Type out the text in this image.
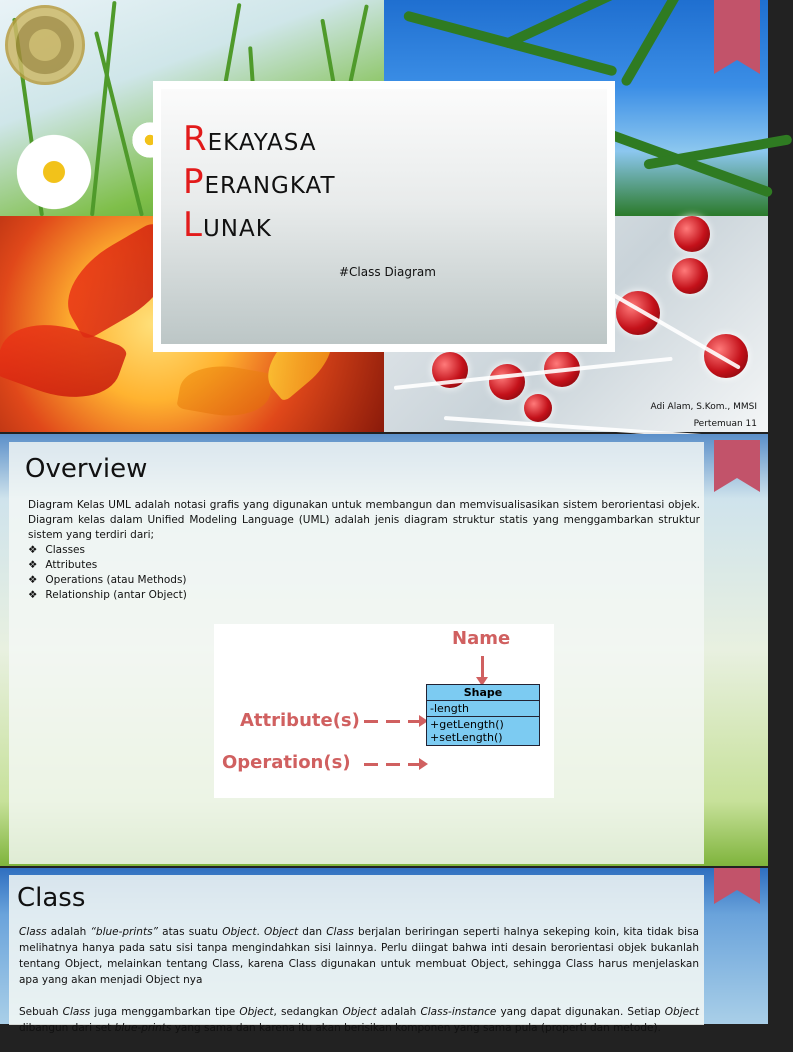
REKAYASA
PERANGKAT
LUNAK
#Class Diagram
Adi Alam, S.Kom., MMSI
Pertemuan 11
Overview
Diagram Kelas UML adalah notasi grafis yang digunakan untuk membangun dan memvisualisasikan sistem berorientasi objek. Diagram kelas dalam Unified Modeling Language (UML) adalah jenis diagram struktur statis yang menggambarkan struktur sistem yang terdiri dari;
❖ Classes
❖ Attributes
❖ Operations (atau Methods)
❖ Relationship (antar Object)
Name
Attribute(s)
Operation(s)
Shape
-length
+getLength()
+setLength()
Class

Class adalah “blue-prints” atas suatu Object. Object dan Class berjalan beriringan seperti halnya sekeping koin, kita tidak bisa melihatnya hanya pada satu sisi tanpa mengindahkan sisi lainnya. Perlu diingat bahwa inti desain berorientasi objek bukanlah tentang Object, melainkan tentang Class, karena Class digunakan untuk membuat Object, sehingga Class harus menjelaskan apa yang akan menjadi Object nya

Sebuah Class juga menggambarkan tipe Object, sedangkan Object adalah Class-instance yang dapat digunakan. Setiap Object dibangun dari set blue-prints yang sama dan karena itu akan berisikan komponen yang sama pula (properti dan metode).
